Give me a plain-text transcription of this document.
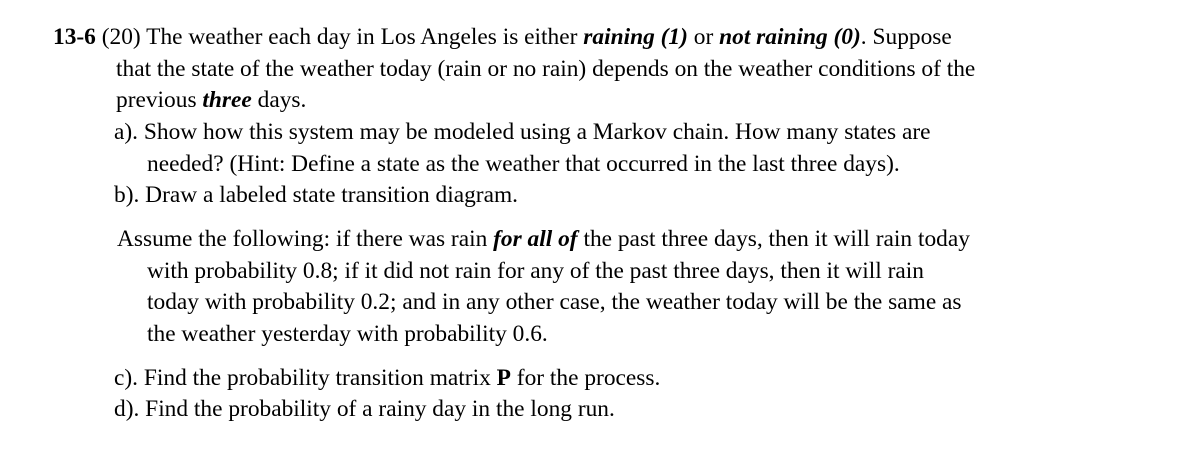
13-6 (20) The weather each day in Los Angeles is either raining (1) or not raining (0). Suppose
that the state of the weather today (rain or no rain) depends on the weather conditions of the
previous three days.
a). Show how this system may be modeled using a Markov chain. How many states are
needed? (Hint: Define a state as the weather that occurred in the last three days).
b). Draw a labeled state transition diagram.
Assume the following: if there was rain for all of the past three days, then it will rain today
with probability 0.8; if it did not rain for any of the past three days, then it will rain
today with probability 0.2; and in any other case, the weather today will be the same as
the weather yesterday with probability 0.6.
c). Find the probability transition matrix P for the process.
d). Find the probability of a rainy day in the long run.
